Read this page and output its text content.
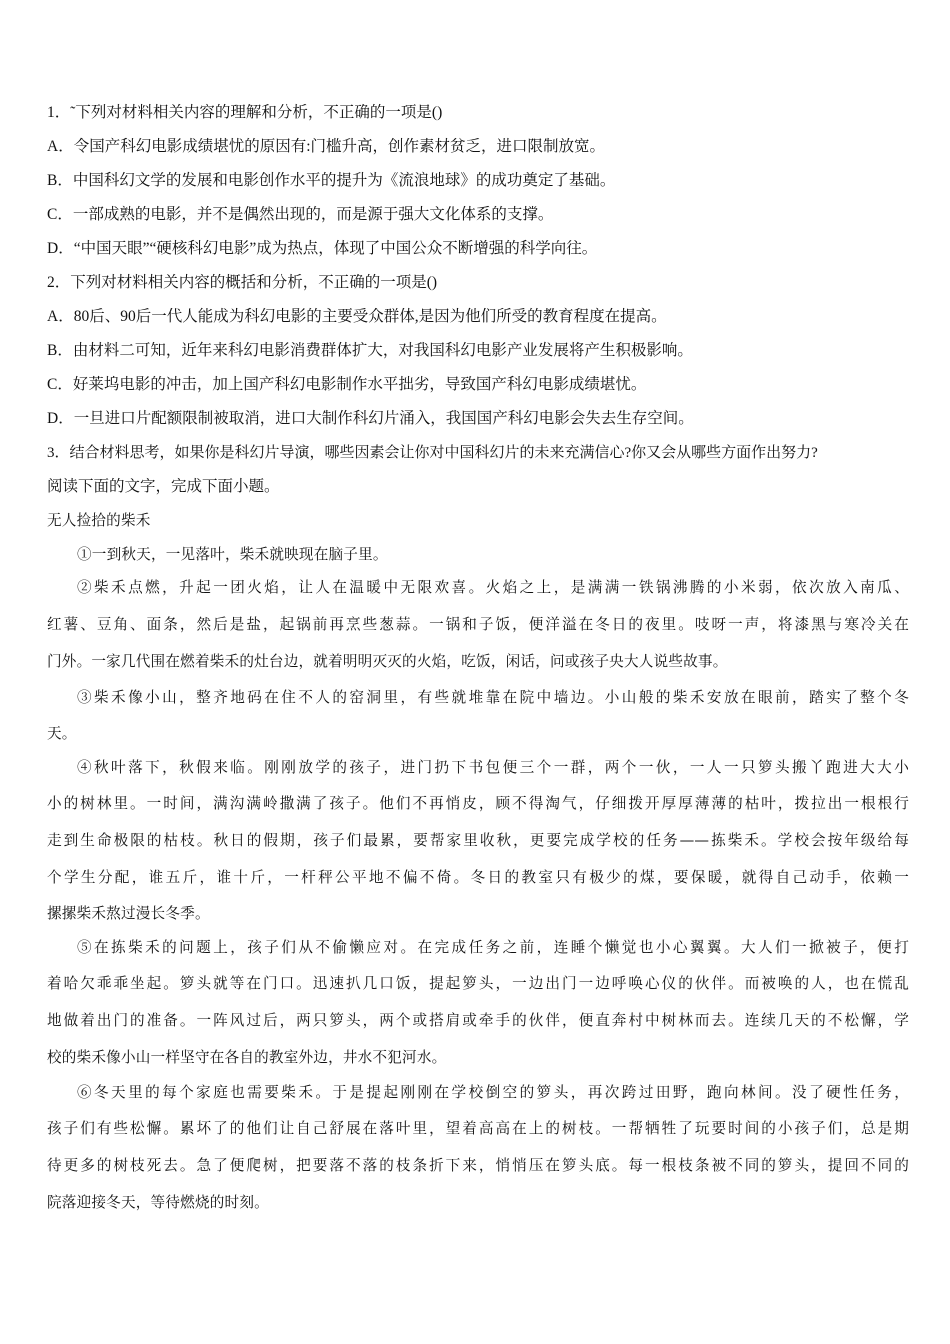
1．˜下列对材料相关内容的理解和分析，不正确的一项是()
A．令国产科幻电影成绩堪忧的原因有:门槛升高，创作素材贫乏，进口限制放宽。
B．中国科幻文学的发展和电影创作水平的提升为《流浪地球》的成功奠定了基础。
C．一部成熟的电影，并不是偶然出现的，而是源于强大文化体系的支撑。
D．“中国天眼”“硬核科幻电影”成为热点，体现了中国公众不断增强的科学向往。
2．下列对材料相关内容的概括和分析，不正确的一项是()
A．80后、90后一代人能成为科幻电影的主要受众群体,是因为他们所受的教育程度在提高。
B．由材料二可知，近年来科幻电影消费群体扩大，对我国科幻电影产业发展将产生积极影响。
C．好莱坞电影的冲击，加上国产科幻电影制作水平拙劣，导致国产科幻电影成绩堪忧。
D．一旦进口片配额限制被取消，进口大制作科幻片涌入，我国国产科幻电影会失去生存空间。
3．结合材料思考，如果你是科幻片导演，哪些因素会让你对中国科幻片的未来充满信心?你又会从哪些方面作出努力?
阅读下面的文字，完成下面小题。
无人捡拾的柴禾
①一到秋天，一见落叶，柴禾就映现在脑子里。
②柴禾点燃，升起一团火焰，让人在温暖中无限欢喜。火焰之上，是满满一铁锅沸腾的小米弱，依次放入南瓜、
红薯、豆角、面条，然后是盐，起锅前再烹些葱蒜。一锅和子饭，便洋溢在冬日的夜里。吱呀一声，将漆黑与寒冷关在
门外。一家几代围在燃着柴禾的灶台边，就着明明灭灭的火焰，吃饭，闲话，问或孩子央大人说些故事。
③柴禾像小山，整齐地码在住不人的窑洞里，有些就堆靠在院中墙边。小山般的柴禾安放在眼前，踏实了整个冬
天。
④秋叶落下，秋假来临。刚刚放学的孩子，进门扔下书包便三个一群，两个一伙，一人一只箩头搬丫跑进大大小
小的树林里。一时间，满沟满岭撒满了孩子。他们不再悄皮，顾不得淘气，仔细拨开厚厚薄薄的枯叶，拨拉出一根根行
走到生命极限的枯枝。秋日的假期，孩子们最累，要帮家里收秋，更要完成学校的任务——拣柴禾。学校会按年级给每
个学生分配，谁五斤，谁十斤，一杆秤公平地不偏不倚。冬日的教室只有极少的煤，要保暖，就得自己动手，依赖一
摞摞柴禾熬过漫长冬季。
⑤在拣柴禾的问题上，孩子们从不偷懒应对。在完成任务之前，连睡个懒觉也小心翼翼。大人们一掀被子，便打
着哈欠乖乖坐起。箩头就等在门口。迅速扒几口饭，提起箩头，一边出门一边呼唤心仪的伙伴。而被唤的人，也在慌乱
地做着出门的准备。一阵风过后，两只箩头，两个或搭肩或牵手的伙伴，便直奔村中树林而去。连续几天的不松懈，学
校的柴禾像小山一样坚守在各自的教室外边，井水不犯河水。
⑥冬天里的每个家庭也需要柴禾。于是提起刚刚在学校倒空的箩头，再次跨过田野，跑向林间。没了硬性任务，
孩子们有些松懈。累坏了的他们让自己舒展在落叶里，望着高高在上的树枝。一帮牺牲了玩要时间的小孩子们，总是期
待更多的树枝死去。急了便爬树，把要落不落的枝条折下来，悄悄压在箩头底。每一根枝条被不同的箩头，提回不同的
院落迎接冬天，等待燃烧的时刻。
